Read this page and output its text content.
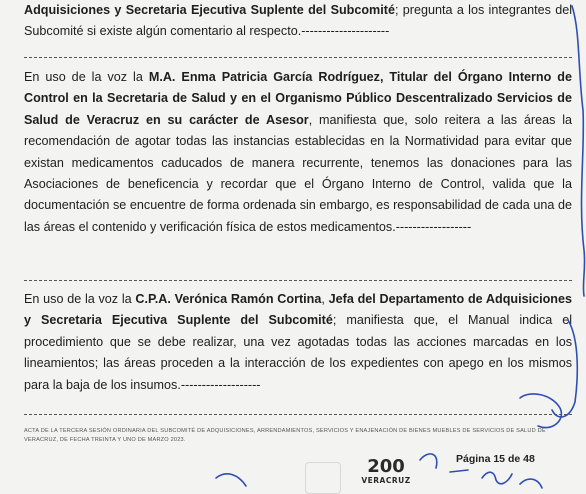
Adquisiciones y Secretaria Ejecutiva Suplente del Subcomité; pregunta a los integrantes del Subcomité si existe algún comentario al respecto.---------------------

En uso de la voz la M.A. Enma Patricia García Rodríguez, Titular del Órgano Interno de Control en la Secretaria de Salud y en el Organismo Público Descentralizado Servicios de Salud de Veracruz en su carácter de Asesor, manifiesta que, solo reitera a las áreas la recomendación de agotar todas las instancias establecidas en la Normatividad para evitar que existan medicamentos caducados de manera recurrente, tenemos las donaciones para las Asociaciones de beneficencia y recordar que el Órgano Interno de Control, valida que la documentación se encuentre de forma ordenada sin embargo, es responsabilidad de cada una de las áreas el contenido y verificación física de estos medicamentos.------------------

En uso de la voz la C.P.A. Verónica Ramón Cortina, Jefa del Departamento de Adquisiciones y Secretaria Ejecutiva Suplente del Subcomité; manifiesta que, el Manual indica el procedimiento que se debe realizar, una vez agotadas todas las acciones marcadas en los lineamientos; las áreas proceden a la interacción de los expedientes con apego en los mismos para la baja de los insumos.-------------------

ACTA DE LA TERCERA SESIÓN ORDINARIA DEL SUBCOMITÉ DE ADQUISICIONES, ARRENDAMIENTOS, SERVICIOS Y ENAJENACIÓN DE BIENES MUEBLES DE SERVICIOS DE SALUD DE VERACRUZ, DE FECHA TREINTA Y UNO DE MARZO 2023.

200
VERACRUZ
Página 15 de 48
